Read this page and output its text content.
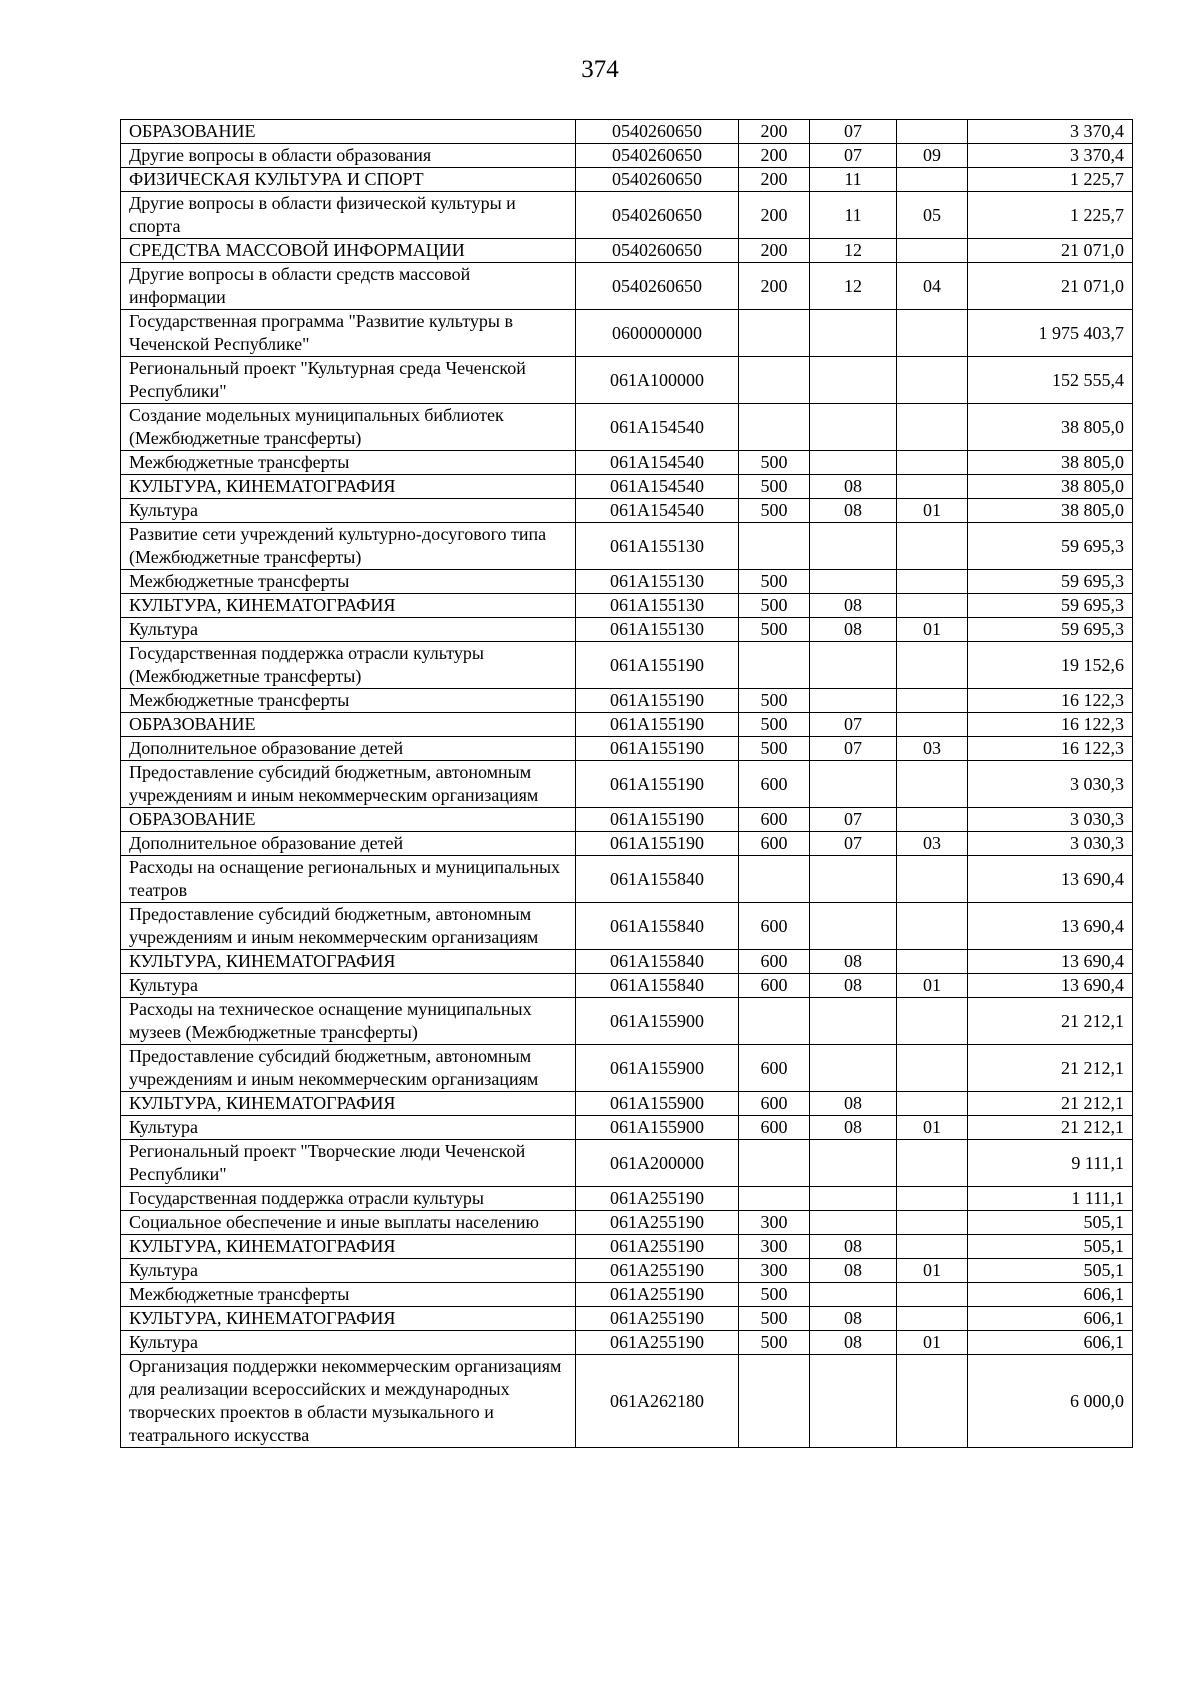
374
ОБРАЗОВАНИЕ	0540260650	200	07		3 370,4
Другие вопросы в области образования	0540260650	200	07	09	3 370,4
ФИЗИЧЕСКАЯ КУЛЬТУРА И СПОРТ	0540260650	200	11		1 225,7
Другие вопросы в области физической культуры и спорта	0540260650	200	11	05	1 225,7
СРЕДСТВА МАССОВОЙ ИНФОРМАЦИИ	0540260650	200	12		21 071,0
Другие вопросы в области средств массовой информации	0540260650	200	12	04	21 071,0
Государственная программа "Развитие культуры в Чеченской Республике"	0600000000				1 975 403,7
Региональный проект "Культурная среда Чеченской Республики"	061A100000				152 555,4
Создание модельных муниципальных библиотек (Межбюджетные трансферты)	061A154540				38 805,0
Межбюджетные трансферты	061A154540	500			38 805,0
КУЛЬТУРА, КИНЕМАТОГРАФИЯ	061A154540	500	08		38 805,0
Культура	061A154540	500	08	01	38 805,0
Развитие сети учреждений культурно-досугового типа (Межбюджетные трансферты)	061A155130				59 695,3
Межбюджетные трансферты	061A155130	500			59 695,3
КУЛЬТУРА, КИНЕМАТОГРАФИЯ	061A155130	500	08		59 695,3
Культура	061A155130	500	08	01	59 695,3
Государственная поддержка отрасли культуры (Межбюджетные трансферты)	061A155190				19 152,6
Межбюджетные трансферты	061A155190	500			16 122,3
ОБРАЗОВАНИЕ	061A155190	500	07		16 122,3
Дополнительное образование детей	061A155190	500	07	03	16 122,3
Предоставление субсидий бюджетным, автономным учреждениям и иным некоммерческим организациям	061A155190	600			3 030,3
ОБРАЗОВАНИЕ	061A155190	600	07		3 030,3
Дополнительное образование детей	061A155190	600	07	03	3 030,3
Расходы на оснащение региональных и муниципальных театров	061A155840				13 690,4
Предоставление субсидий бюджетным, автономным учреждениям и иным некоммерческим организациям	061A155840	600			13 690,4
КУЛЬТУРА, КИНЕМАТОГРАФИЯ	061A155840	600	08		13 690,4
Культура	061A155840	600	08	01	13 690,4
Расходы на техническое оснащение муниципальных музеев (Межбюджетные трансферты)	061A155900				21 212,1
Предоставление субсидий бюджетным, автономным учреждениям и иным некоммерческим организациям	061A155900	600			21 212,1
КУЛЬТУРА, КИНЕМАТОГРАФИЯ	061A155900	600	08		21 212,1
Культура	061A155900	600	08	01	21 212,1
Региональный проект "Творческие люди Чеченской Республики"	061A200000				9 111,1
Государственная поддержка отрасли культуры	061A255190				1 111,1
Социальное обеспечение и иные выплаты населению	061A255190	300			505,1
КУЛЬТУРА, КИНЕМАТОГРАФИЯ	061A255190	300	08		505,1
Культура	061A255190	300	08	01	505,1
Межбюджетные трансферты	061A255190	500			606,1
КУЛЬТУРА, КИНЕМАТОГРАФИЯ	061A255190	500	08		606,1
Культура	061A255190	500	08	01	606,1
Организация поддержки некоммерческим организациям для реализации всероссийских и международных творческих проектов в области музыкального и театрального искусства	061A262180				6 000,0
